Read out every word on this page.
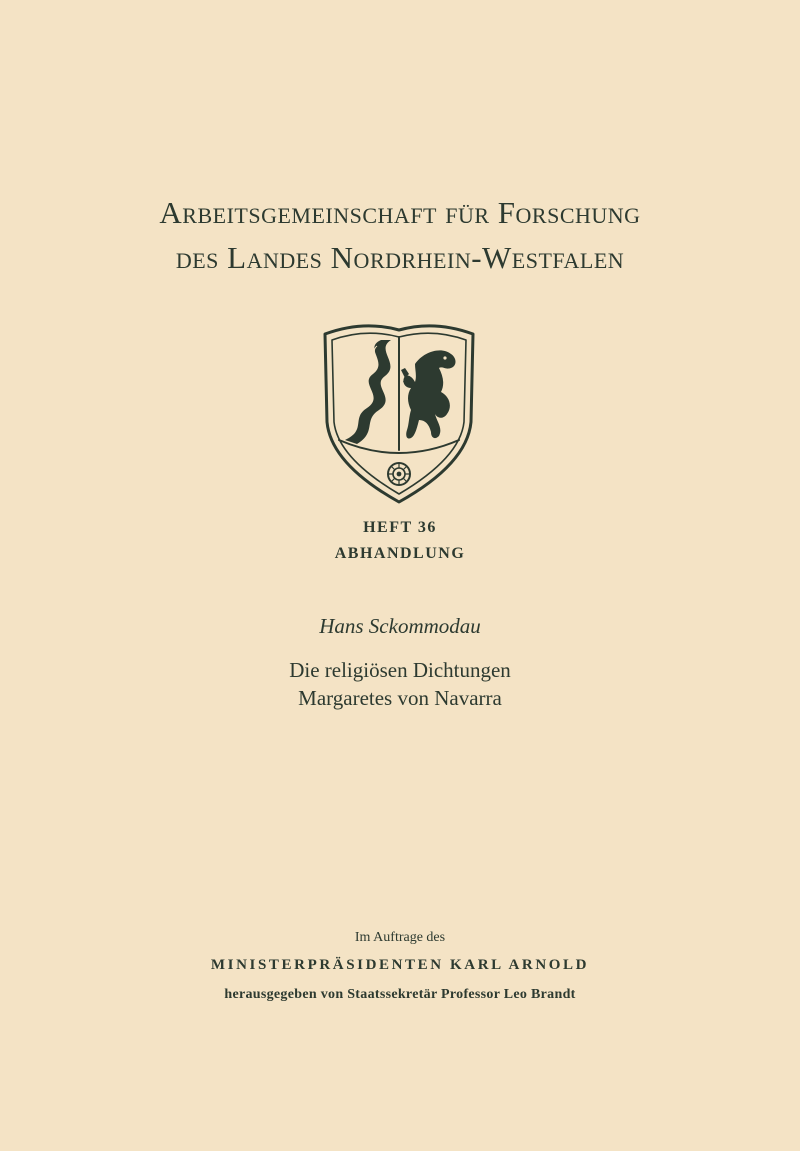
Arbeitsgemeinschaft für Forschung
des Landes Nordrhein-Westfalen
HEFT 36
ABHANDLUNG
Hans Sckommodau
Die religiösen Dichtungen
Margaretes von Navarra
Im Auftrage des
MINISTERPRÄSIDENTEN KARL ARNOLD
herausgegeben von Staatssekretär Professor Leo Brandt
